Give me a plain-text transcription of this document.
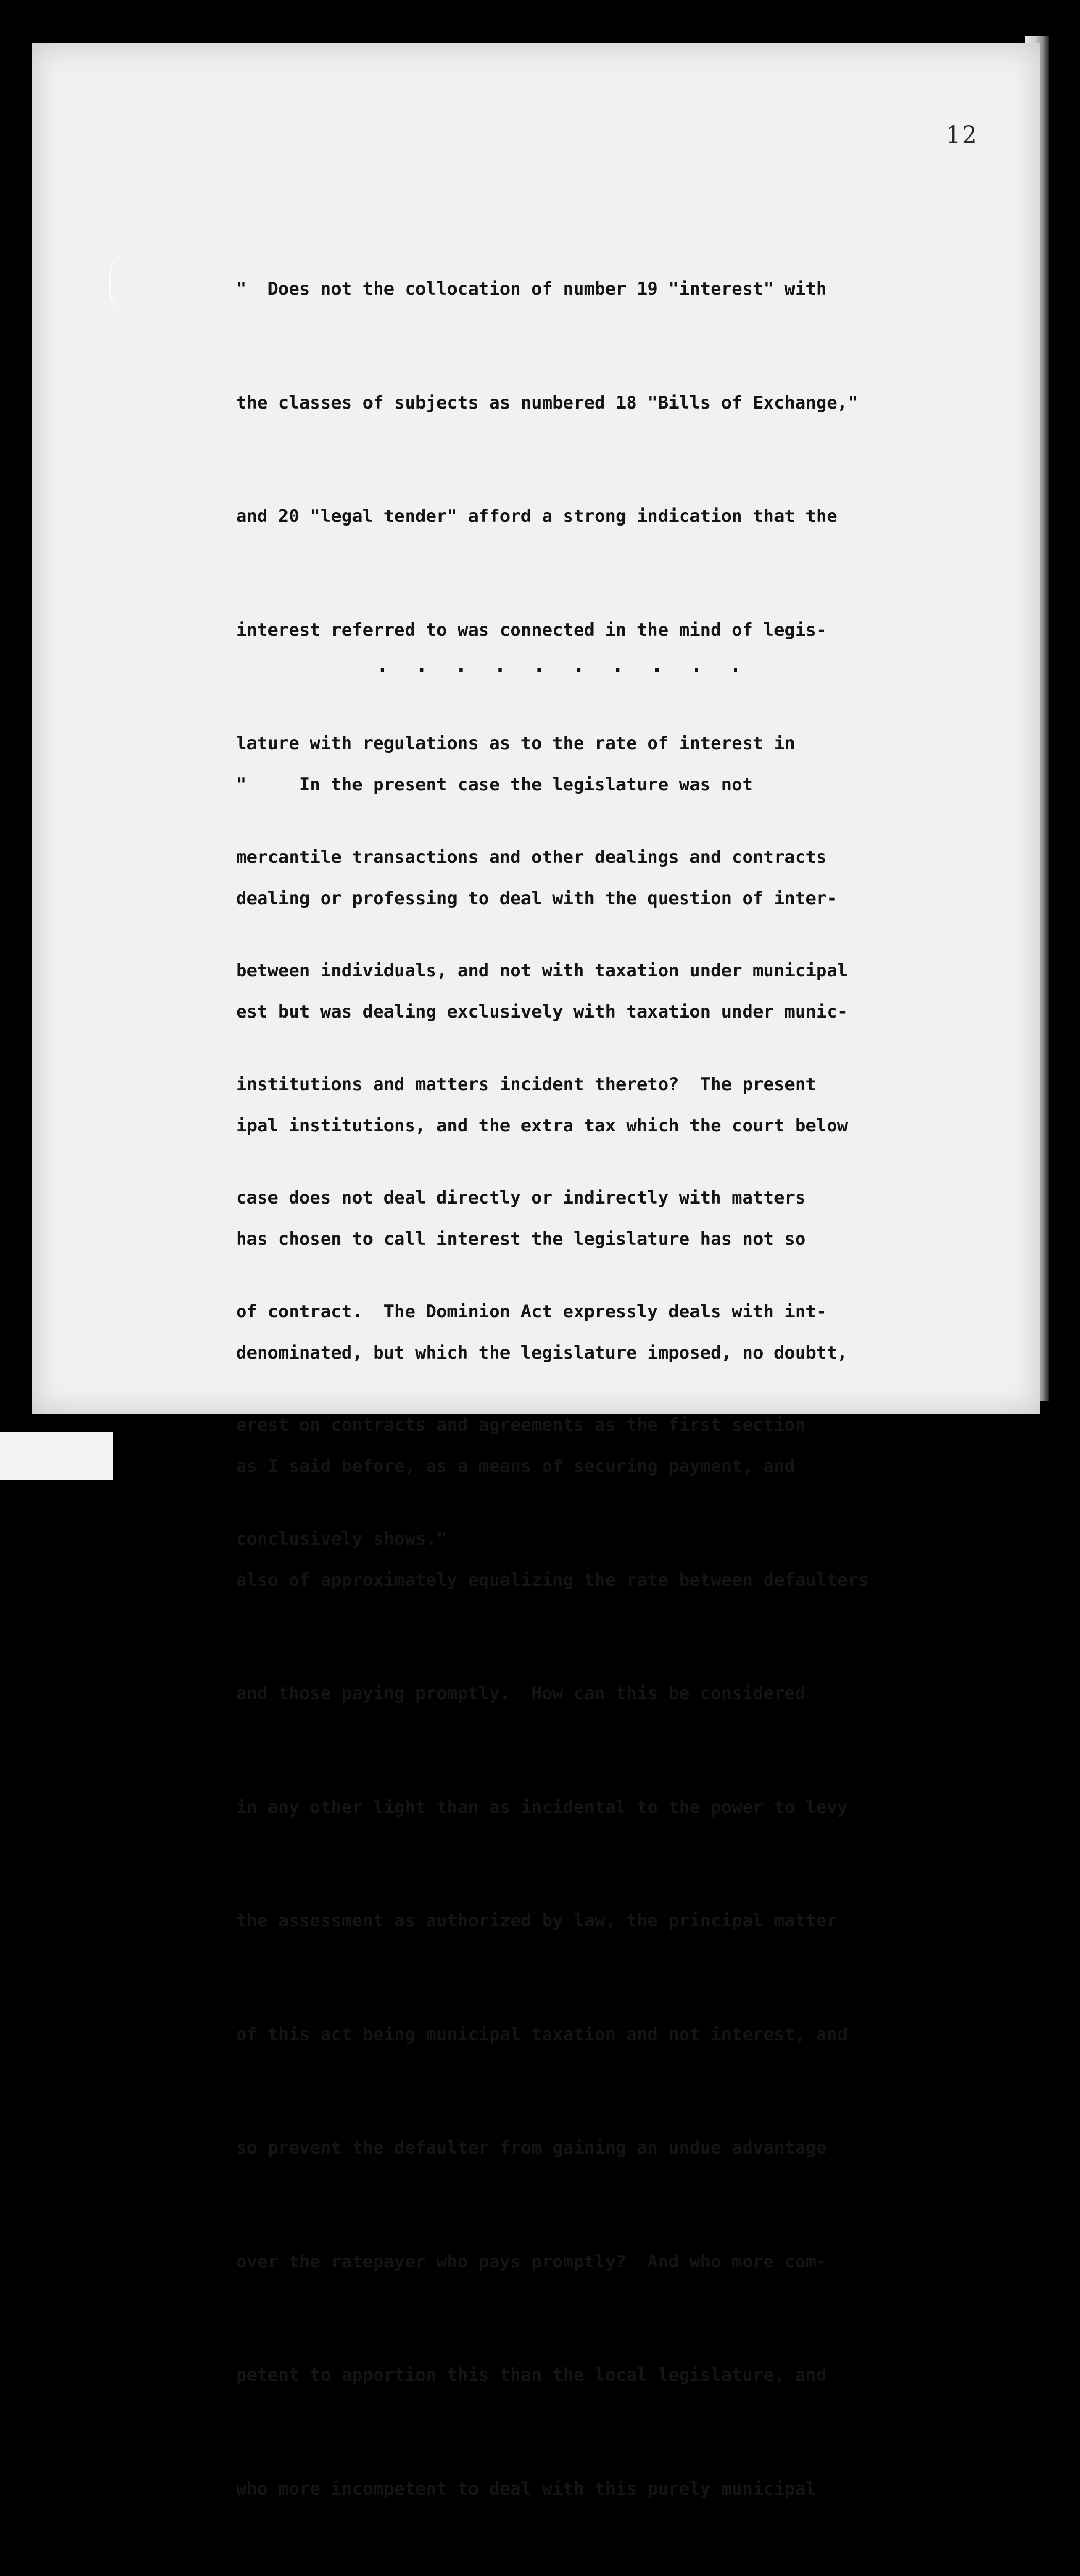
12

"  Does not the collocation of number 19 "interest" with

the classes of subjects as numbered 18 "Bills of Exchange,"

and 20 "legal tender" afford a strong indication that the

interest referred to was connected in the mind of legis-

lature with regulations as to the rate of interest in

mercantile transactions and other dealings and contracts

between individuals, and not with taxation under municipal

institutions and matters incident thereto?  The present

case does not deal directly or indirectly with matters

of contract.  The Dominion Act expressly deals with int-

erest on contracts and agreements as the first section

conclusively shows."

. . . . . . . . . .

"     In the present case the legislature was not

dealing or professing to deal with the question of inter-

est but was dealing exclusively with taxation under munic-

ipal institutions, and the extra tax which the court below

has chosen to call interest the legislature has not so

denominated, but which the legislature imposed, no doubtt,

as I said before, as a means of securing payment, and

also of approximately equalizing the rate between defaulters

and those paying promptly.  How can this be considered

in any other light than as incidental to the power to levy

the assessment as authorized by law, the principal matter

of this act being municipal taxation and not interest, and

so prevent the defaulter from gaining an undue advantage

over the ratepayer who pays promptly?  And who more com-

petent to apportion this than the local legislature, and

who more incompetent to deal with this purely municipal
